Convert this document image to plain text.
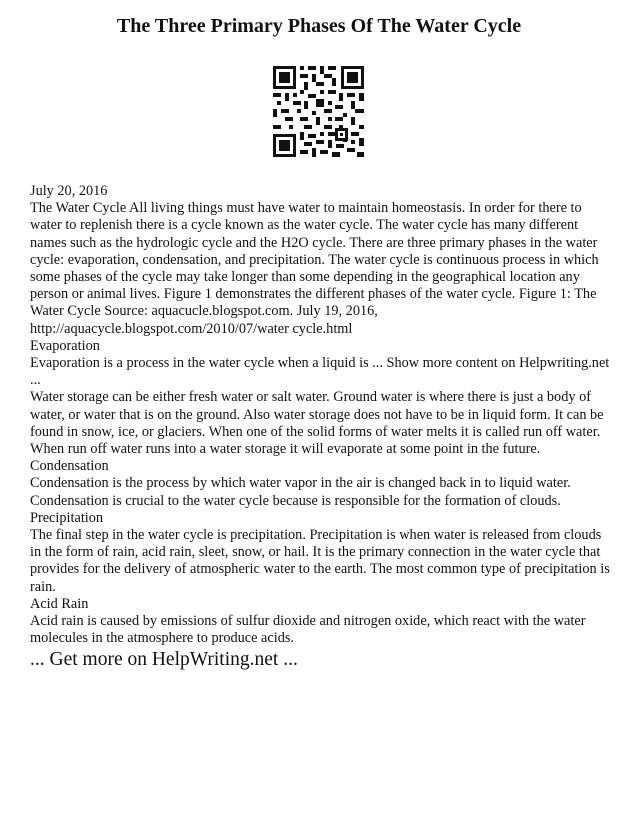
The Three Primary Phases Of The Water Cycle

July 20, 2016

The Water Cycle All living things must have water to maintain homeostasis. In order for there to water to replenish there is a cycle known as the water cycle. The water cycle has many different names such as the hydrologic cycle and the H2O cycle. There are three primary phases in the water cycle: evaporation, condensation, and precipitation. The water cycle is continuous process in which some phases of the cycle may take longer than some depending in the geographical location any person or animal lives. Figure 1 demonstrates the different phases of the water cycle. Figure 1: The Water Cycle Source: aquacucle.blogspot.com. July 19, 2016, http://aquacycle.blogspot.com/2010/07/water cycle.html

Evaporation

Evaporation is a process in the water cycle when a liquid is ... Show more content on Helpwriting.net ...

Water storage can be either fresh water or salt water. Ground water is where there is just a body of water, or water that is on the ground. Also water storage does not have to be in liquid form. It can be found in snow, ice, or glaciers. When one of the solid forms of water melts it is called run off water. When run off water runs into a water storage it will evaporate at some point in the future.

Condensation

Condensation is the process by which water vapor in the air is changed back in to liquid water. Condensation is crucial to the water cycle because is responsible for the formation of clouds.

Precipitation

The final step in the water cycle is precipitation. Precipitation is when water is released from clouds in the form of rain, acid rain, sleet, snow, or hail. It is the primary connection in the water cycle that provides for the delivery of atmospheric water to the earth. The most common type of precipitation is rain.

Acid Rain

Acid rain is caused by emissions of sulfur dioxide and nitrogen oxide, which react with the water molecules in the atmosphere to produce acids.

... Get more on HelpWriting.net ...
